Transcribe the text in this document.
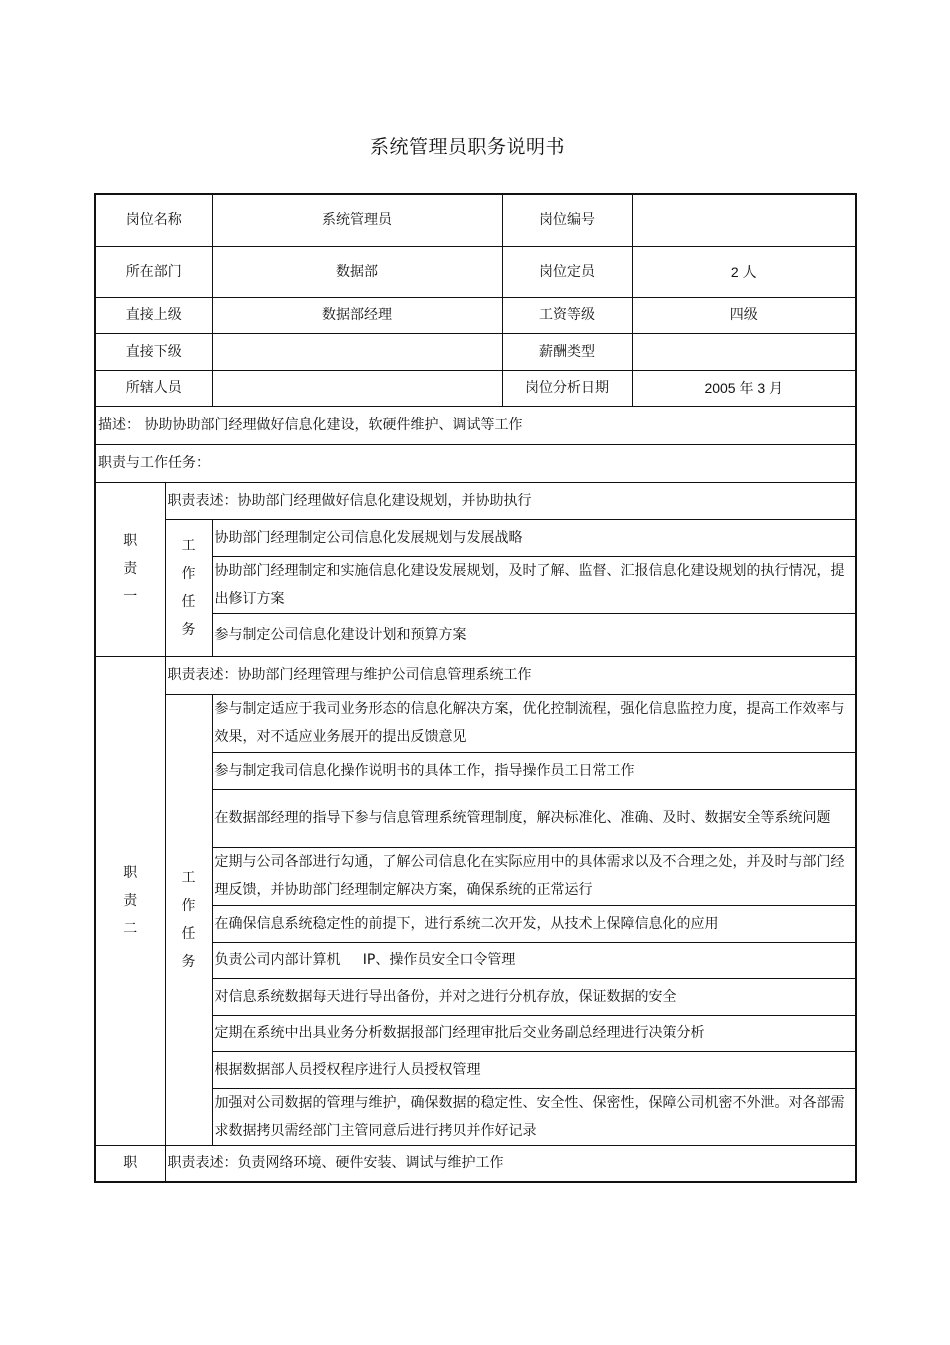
系统管理员职务说明书
岗位名称		系统管理员	岗位编号	
所在部门		数据部	岗位定员	2 人
直接上级		数据部经理	工资等级	四级
直接下级			薪酬类型	
所辖人员			岗位分析日期	2005 年 3 月
描述： 协助协助部门经理做好信息化建设，软硬件维护、调试等工作				
职责与工作任务：				

职
责
一	职责表述：协助部门经理做好信息化建设规划，并协助执行			

	工
作
任
务	协助部门经理制定公司信息化发展规划与发展战略		
		协助部门经理制定和实施信息化建设发展规划，及时了解、监督、汇报信息化建设规划的执行情况，提出修订方案		
		参与制定公司信息化建设计划和预算方案		

职
责
二	职责表述：协助部门经理管理与维护公司信息管理系统工作			

	工
作
任
务	参与制定适应于我司业务形态的信息化解决方案，优化控制流程，强化信息监控力度，提高工作效率与效果，对不适应业务展开的提出反馈意见		
		参与制定我司信息化操作说明书的具体工作，指导操作员工日常工作		
		在数据部经理的指导下参与信息管理系统管理制度，解决标准化、准确、及时、数据安全等系统问题		
		定期与公司各部进行勾通，了解公司信息化在实际应用中的具体需求以及不合理之处，并及时与部门经理反馈，并协助部门经理制定解决方案，确保系统的正常运行		
		在确保信息系统稳定性的前提下，进行系统二次开发，从技术上保障信息化的应用		
		负责公司内部计算机     IP、操作员安全口令管理		
		对信息系统数据每天进行导出备份，并对之进行分机存放，保证数据的安全		
		定期在系统中出具业务分析数据报部门经理审批后交业务副总经理进行决策分析		
		根据数据部人员授权程序进行人员授权管理		
		加强对公司数据的管理与维护，确保数据的稳定性、安全性、保密性，保障公司机密不外泄。对各部需求数据拷贝需经部门主管同意后进行拷贝并作好记录		

职	职责表述：负责网络环境、硬件安装、调试与维护工作			
